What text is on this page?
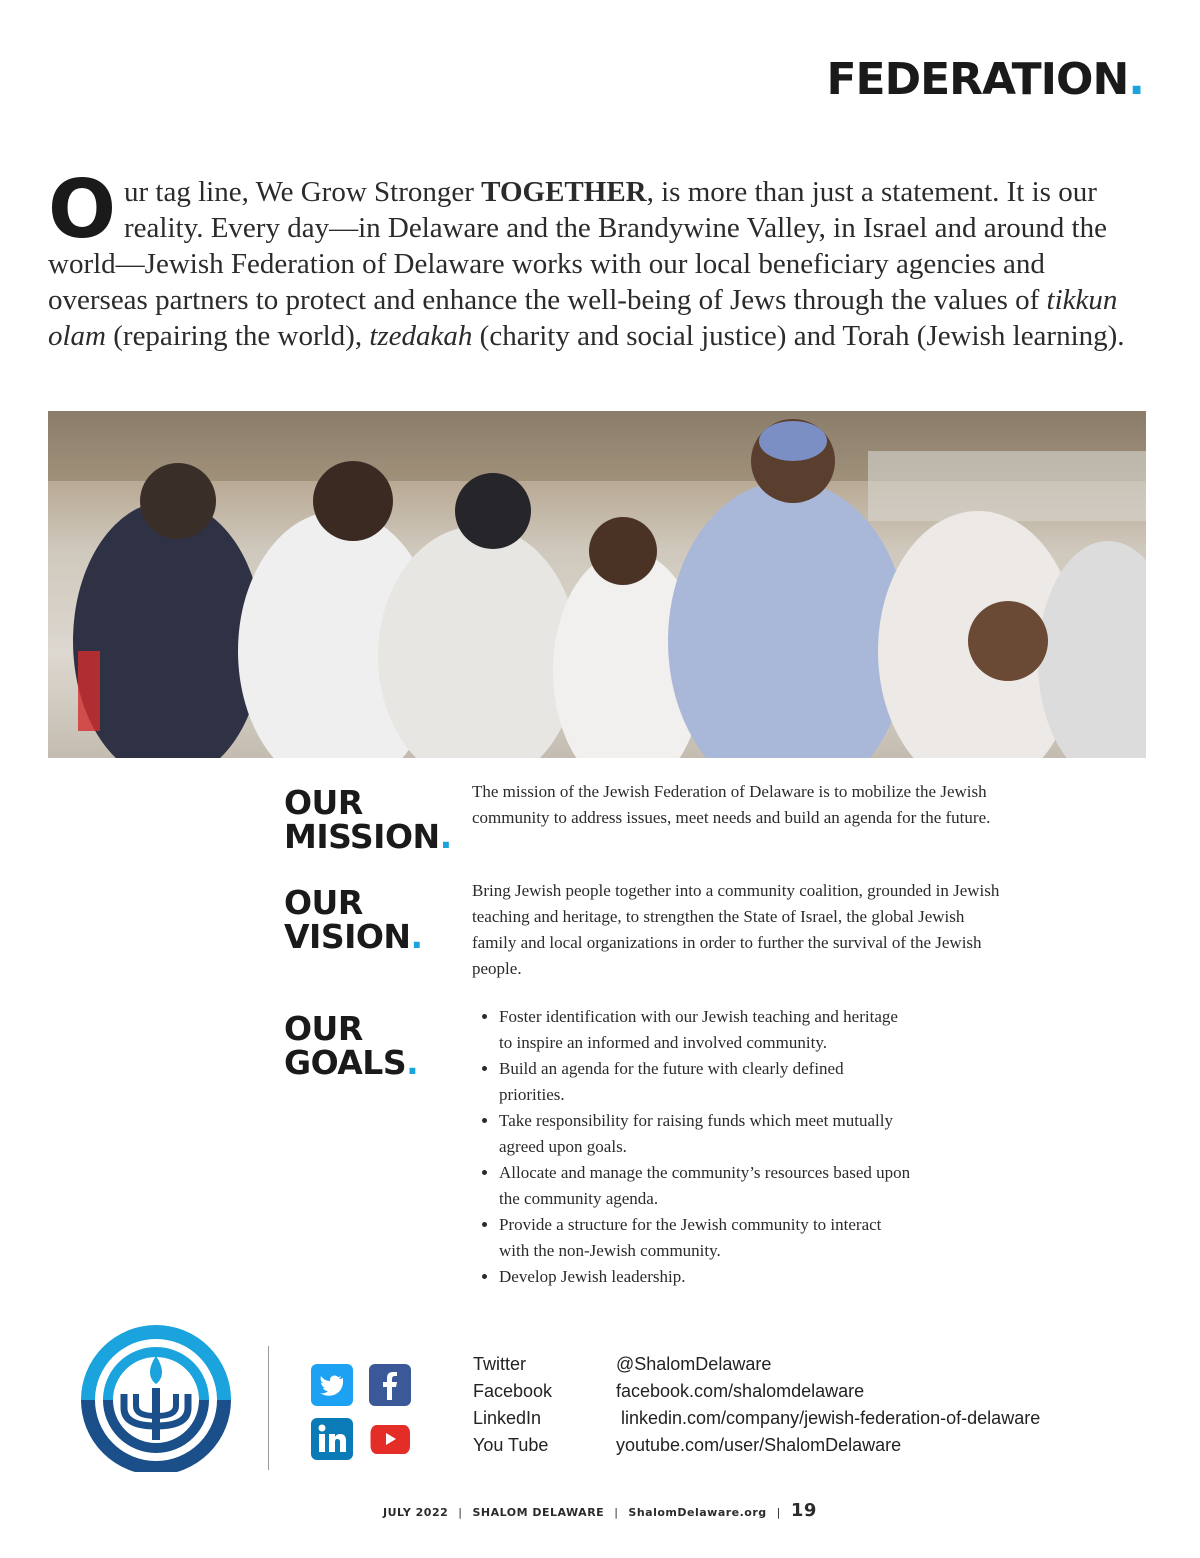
FEDERATION.
Our tag line, We Grow Stronger TOGETHER, is more than just a statement. It is our reality. Every day—in Delaware and the Brandywine Valley, in Israel and around the world—Jewish Federation of Delaware works with our local beneficiary agencies and overseas partners to protect and enhance the well-being of Jews through the values of tikkun olam (repairing the world), tzedakah (charity and social justice) and Torah (Jewish learning).
OUR
MISSION.
The mission of the Jewish Federation of Delaware is to mobilize the Jewish community to address issues, meet needs and build an agenda for the future.
OUR
VISION.
Bring Jewish people together into a community coalition, grounded in Jewish teaching and heritage, to strengthen the State of Israel, the global Jewish family and local organizations in order to further the survival of the Jewish people.
OUR
GOALS.
• Foster identification with our Jewish teaching and heritage to inspire an informed and involved community.
• Build an agenda for the future with clearly defined priorities.
• Take responsibility for raising funds which meet mutually agreed upon goals.
• Allocate and manage the community’s resources based upon the community agenda.
• Provide a structure for the Jewish community to interact with the non-Jewish community.
• Develop Jewish leadership.
Twitter	@ShalomDelaware
Facebook	facebook.com/shalomdelaware
LinkedIn	linkedin.com/company/jewish-federation-of-delaware
You Tube	youtube.com/user/ShalomDelaware
JULY 2022 | SHALOM DELAWARE | ShalomDelaware.org | 19
